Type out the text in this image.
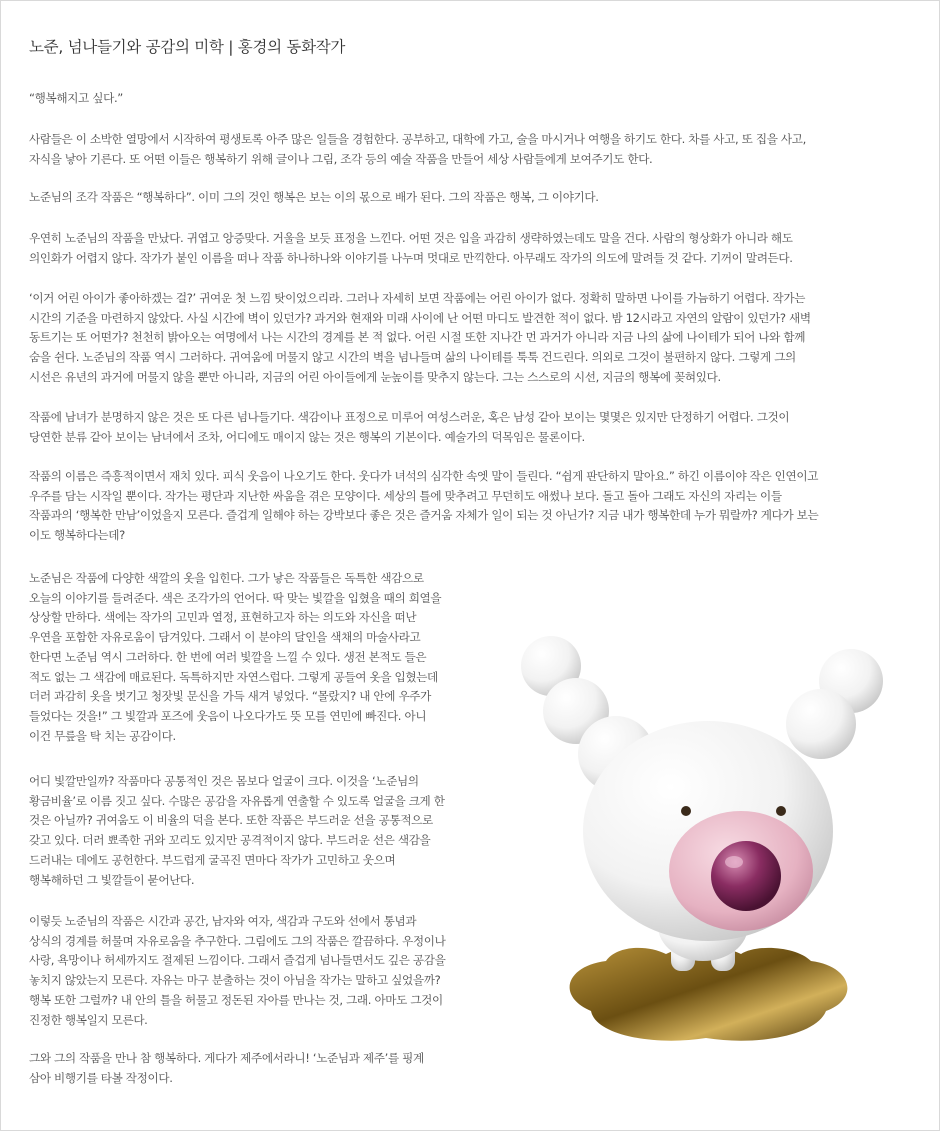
노준, 넘나들기와 공감의 미학 | 홍경의 동화작가

“행복해지고 싶다.”

사람들은 이 소박한 열망에서 시작하여 평생토록 아주 많은 일들을 경험한다. 공부하고, 대학에 가고, 술을 마시거나 여행을 하기도 한다. 차를 사고, 또 집을 사고,
자식을 낳아 기른다. 또 어떤 이들은 행복하기 위해 글이나 그림, 조각 등의 예술 작품을 만들어 세상 사람들에게 보여주기도 한다.

노준님의 조각 작품은 “행복하다”. 이미 그의 것인 행복은 보는 이의 몫으로 배가 된다. 그의 작품은 행복, 그 이야기다.

우연히 노준님의 작품을 만났다. 귀엽고 앙증맞다. 거울을 보듯 표정을 느낀다. 어떤 것은 입을 과감히 생략하였는데도 말을 건다. 사람의 형상화가 아니라 해도
의인화가 어렵지 않다. 작가가 붙인 이름을 떠나 작품 하나하나와 이야기를 나누며 멋대로 만끽한다. 아무래도 작가의 의도에 말려들 것 같다. 기꺼이 말려든다.

‘이거 어린 아이가 좋아하겠는 걸?’ 귀여운 첫 느낌 탓이었으리라. 그러나 자세히 보면 작품에는 어린 아이가 없다. 정확히 말하면 나이를 가늠하기 어렵다. 작가는
시간의 기준을 마련하지 않았다. 사실 시간에 벽이 있던가? 과거와 현재와 미래 사이에 난 어떤 마디도 발견한 적이 없다. 밤 12시라고 자연의 알람이 있던가? 새벽
동트기는 또 어떤가? 천천히 밝아오는 여명에서 나는 시간의 경계를 본 적 없다. 어린 시절 또한 지나간 먼 과거가 아니라 지금 나의 삶에 나이테가 되어 나와 함께
숨을 쉰다. 노준님의 작품 역시 그러하다. 귀여움에 머물지 않고 시간의 벽을 넘나들며 삶의 나이테를 툭툭 건드린다. 의외로 그것이 불편하지 않다. 그렇게 그의
시선은 유년의 과거에 머물지 않을 뿐만 아니라, 지금의 어린 아이들에게 눈높이를 맞추지 않는다. 그는 스스로의 시선, 지금의 행복에 꽂혀있다.

작품에 남녀가 분명하지 않은 것은 또 다른 넘나들기다. 색감이나 표정으로 미루어 여성스러운, 혹은 남성 같아 보이는 몇몇은 있지만 단정하기 어렵다. 그것이
당연한 분류 같아 보이는 남녀에서 조차, 어디에도 매이지 않는 것은 행복의 기본이다. 예술가의 덕목임은 물론이다.

작품의 이름은 즉흥적이면서 재치 있다. 피식 웃음이 나오기도 한다. 웃다가 녀석의 심각한 속엣 말이 들린다. “쉽게 판단하지 말아요.” 하긴 이름이야 작은 인연이고
우주를 담는 시작일 뿐이다. 작가는 평단과 지난한 싸움을 겪은 모양이다. 세상의 틀에 맞추려고 무던히도 애썼나 보다. 돌고 돌아 그래도 자신의 자리는 이들
작품과의 ‘행복한 만남’이었을지 모른다. 즐겁게 일해야 하는 강박보다 좋은 것은 즐거움 자체가 일이 되는 것 아닌가? 지금 내가 행복한데 누가 뭐랄까? 게다가 보는
이도 행복하다는데?

노준님은 작품에 다양한 색깔의 옷을 입힌다. 그가 낳은 작품들은 독특한 색감으로
오늘의 이야기를 들려준다. 색은 조각가의 언어다. 딱 맞는 빛깔을 입혔을 때의 희열을
상상할 만하다. 색에는 작가의 고민과 열정, 표현하고자 하는 의도와 자신을 떠난
우연을 포함한 자유로움이 담겨있다. 그래서 이 분야의 달인을 색채의 마술사라고
한다면 노준님 역시 그러하다. 한 번에 여러 빛깔을 느낄 수 있다. 생전 본적도 들은
적도 없는 그 색감에 매료된다. 독특하지만 자연스럽다. 그렇게 공들여 옷을 입혔는데
더러 과감히 옷을 벗기고 청잣빛 문신을 가득 새겨 넣었다. “몰랐지? 내 안에 우주가
들었다는 것을!” 그 빛깔과 포즈에 웃음이 나오다가도 뜻 모를 연민에 빠진다. 아니
이건 무릎을 탁 치는 공감이다.

어디 빛깔만일까? 작품마다 공통적인 것은 몸보다 얼굴이 크다. 이것을 ‘노준님의
황금비율’로 이름 짓고 싶다. 수많은 공감을 자유롭게 연출할 수 있도록 얼굴을 크게 한
것은 아닐까? 귀여움도 이 비율의 덕을 본다. 또한 작품은 부드러운 선을 공통적으로
갖고 있다. 더러 뾰족한 귀와 꼬리도 있지만 공격적이지 않다. 부드러운 선은 색감을
드러내는 데에도 공헌한다. 부드럽게 굴곡진 면마다 작가가 고민하고 웃으며
행복해하던 그 빛깔들이 묻어난다.

이렇듯 노준님의 작품은 시간과 공간, 남자와 여자, 색감과 구도와 선에서 통념과
상식의 경계를 허물며 자유로움을 추구한다. 그림에도 그의 작품은 깔끔하다. 우정이나
사랑, 욕망이나 허세까지도 절제된 느낌이다. 그래서 즐겁게 넘나들면서도 깊은 공감을
놓치지 않았는지 모른다. 자유는 마구 분출하는 것이 아님을 작가는 말하고 싶었을까?
행복 또한 그럴까? 내 안의 틀을 허물고 정돈된 자아를 만나는 것, 그래. 아마도 그것이
진정한 행복일지 모른다.

그와 그의 작품을 만나 참 행복하다. 게다가 제주에서라니! ‘노준님과 제주’를 핑계
삼아 비행기를 타볼 작정이다.
